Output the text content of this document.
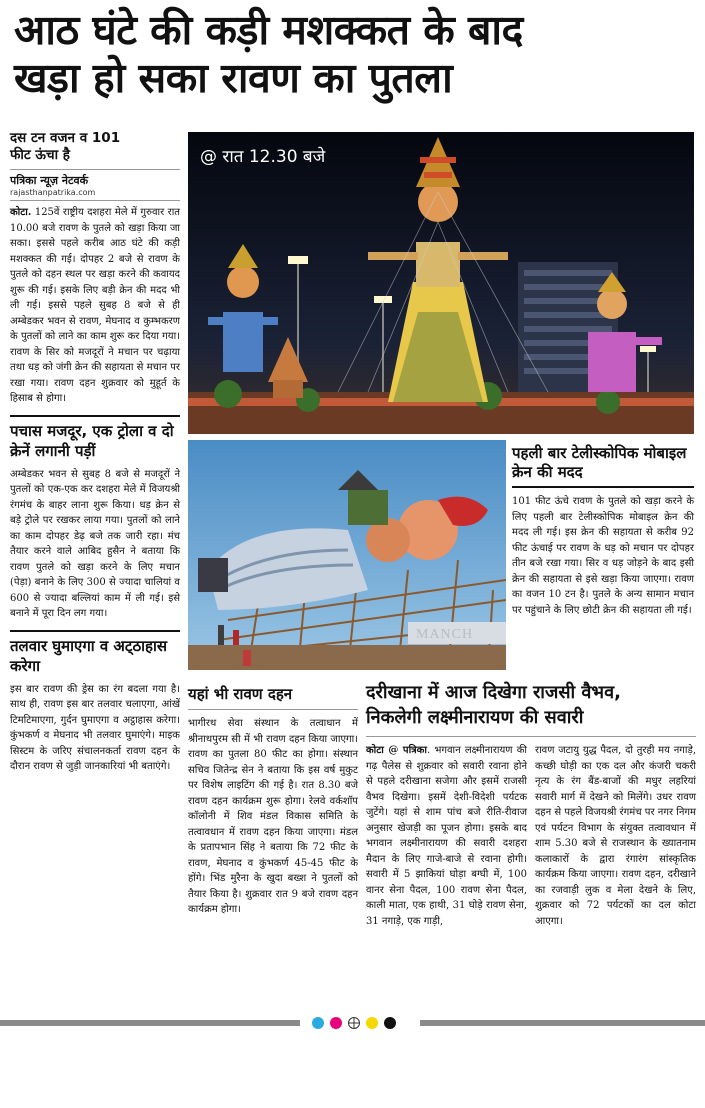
आठ घंटे की कड़ी मशक्कत के बाद
खड़ा हो सका रावण का पुतला
दस टन वजन व 101
फीट ऊंचा है
पत्रिका न्यूज़ नेटवर्क
rajasthanpatrika.com

कोटा. 125वें राष्ट्रीय दशहरा मेले में गुरुवार रात 10.00 बजे रावण के पुतले को खड़ा किया जा सका। इससे पहले करीब आठ घंटे की कड़ी मशक्कत की गई। दोपहर 2 बजे से रावण के पुतले को दहन स्थल पर खड़ा करने की कवायद शुरू की गई। इसके लिए बड़ी क्रेन की मदद भी ली गई। इससे पहले सुबह 8 बजे से ही अम्बेडकर भवन से रावण, मेघनाद व कुम्भकरण के पुतलों को लाने का काम शुरू कर दिया गया। रावण के सिर को मजदूरों ने मचान पर चढ़ाया तथा धड़ को जंगी क्रेन की सहायता से मचान पर रखा गया। रावण दहन शुक्रवार को मुहूर्त के हिसाब से होगा।

पचास मजदूर, एक ट्रोला व दो क्रेनें लगानी पड़ीं

अम्बेडकर भवन से सुबह 8 बजे से मजदूरों ने पुतलों को एक-एक कर दशहरा मेले में विजयश्री रंगमंच के बाहर लाना शुरू किया। धड़ क्रेन से बड़े ट्रोले पर रखकर लाया गया। पुतलों को लाने का काम दोपहर डेढ़ बजे तक जारी रहा। मंच तैयार करने वाले आबिद हुसैन ने बताया कि रावण पुतले को खड़ा करने के लिए मचान (पेड़ा) बनाने के लिए 300 से ज्यादा चालियां व 600 से ज्यादा बल्लियां काम में ली गई। इसे बनाने में पूरा दिन लग गया।

तलवार घुमाएगा व अट्‌ठाहास करेगा

इस बार रावण की ड्रेस का रंग बदला गया है। साथ ही, रावण इस बार तलवार चलाएगा, आंखें टिमटिमाएगा, गुर्दन घुमाएगा व अट्ठाहास करेगा। कुंभकर्ण व मेघनाद भी तलवार घुमाएंगे। माइक सिस्टम के जरिए संचालनकर्ता रावण दहन के दौरान रावण से जुड़ी जानकारियां भी बताएंगे।

@ रात 12.30 बजे
MANCH
पहली बार टेलीस्कोपिक मोबाइल क्रेन की मदद

101 फीट ऊंचे रावण के पुतले को खड़ा करने के लिए पहली बार टेलीस्कोपिक मोबाइल क्रेन की मदद ली गई। इस क्रेन की सहायता से करीब 92 फीट ऊंचाई पर रावण के धड़ को मचान पर दोपहर तीन बजे रखा गया। सिर व धड़ जोड़ने के बाद इसी क्रेन की सहायता से इसे खड़ा किया जाएगा। रावण का वजन 10 टन है। पुतले के अन्य सामान मचान पर पहुंचाने के लिए छोटी क्रेन की सहायता ली गई।

यहां भी रावण दहन

भागीरथ सेवा संस्थान के तत्वाधान में श्रीनाथपुरम सी में भी रावण दहन किया जाएगा। रावण का पुतला 80 फीट का होगा। संस्थान सचिव जितेन्द्र सेन ने बताया कि इस वर्ष मुकुट पर विशेष लाइटिंग की गई है। रात 8.30 बजे रावण दहन कार्यक्रम शुरू होगा। रेलवे वर्कशॉप कॉलोनी में शिव मंडल विकास समिति के तत्वावधान में रावण दहन किया जाएगा। मंडल के प्रतापभान सिंह ने बताया कि 72 फीट के रावण, मेघनाद व कुंभकर्ण 45-45 फीट के होंगे। भिंड मुरैना के खुदा बख्श ने पुतलों को तैयार किया है। शुक्रवार रात 9 बजे रावण दहन कार्यक्रम होगा।

दरीखाना में आज दिखेगा राजसी वैभव,
निकलेगी लक्ष्मीनारायण की सवारी

कोटा @ पत्रिका. भगवान लक्ष्मीनारायण की गढ़ पैलेस से शुक्रवार को सवारी रवाना होने से पहले दरीखाना सजेगा और इसमें राजसी वैभव दिखेगा। इसमें देशी-विदेशी पर्यटक जुटेंगे। यहां से शाम पांच बजे रीति-रीवाज अनुसार खेजड़ी का पूजन होगा। इसके बाद भगवान लक्ष्मीनारायण की सवारी दशहरा मैदान के लिए गाजे-बाजे से रवाना होगी। सवारी में 5 झाकियां घोड़ा बग्घी में, 100 वानर सेना पैदल, 100 रावण सेना पैदल, काली माता, एक हाथी, 31 घोड़े रावण सेना, 31 नगाड़े, एक गाड़ी,

रावण जटायु युद्ध पैदल, दो तुरही मय नगाड़े, कच्छी घोड़ी का एक दल और कंजरी चकरी नृत्य के रंग बैंड-बाजों की मधुर लहरियां सवारी मार्ग में देखने को मिलेंगे। उधर रावण दहन से पहले विजयश्री रंगमंच पर नगर निगम एवं पर्यटन विभाग के संयुक्त तत्वावधान में शाम 5.30 बजे से राजस्थान के ख्यातनाम कलाकारों के द्वारा रंगारंग सांस्कृतिक कार्यक्रम किया जाएगा। रावण दहन, दरीखाने का रजवाड़ी लुक व मेला देखने के लिए, शुक्रवार को 72 पर्यटकों का दल कोटा आएगा।
